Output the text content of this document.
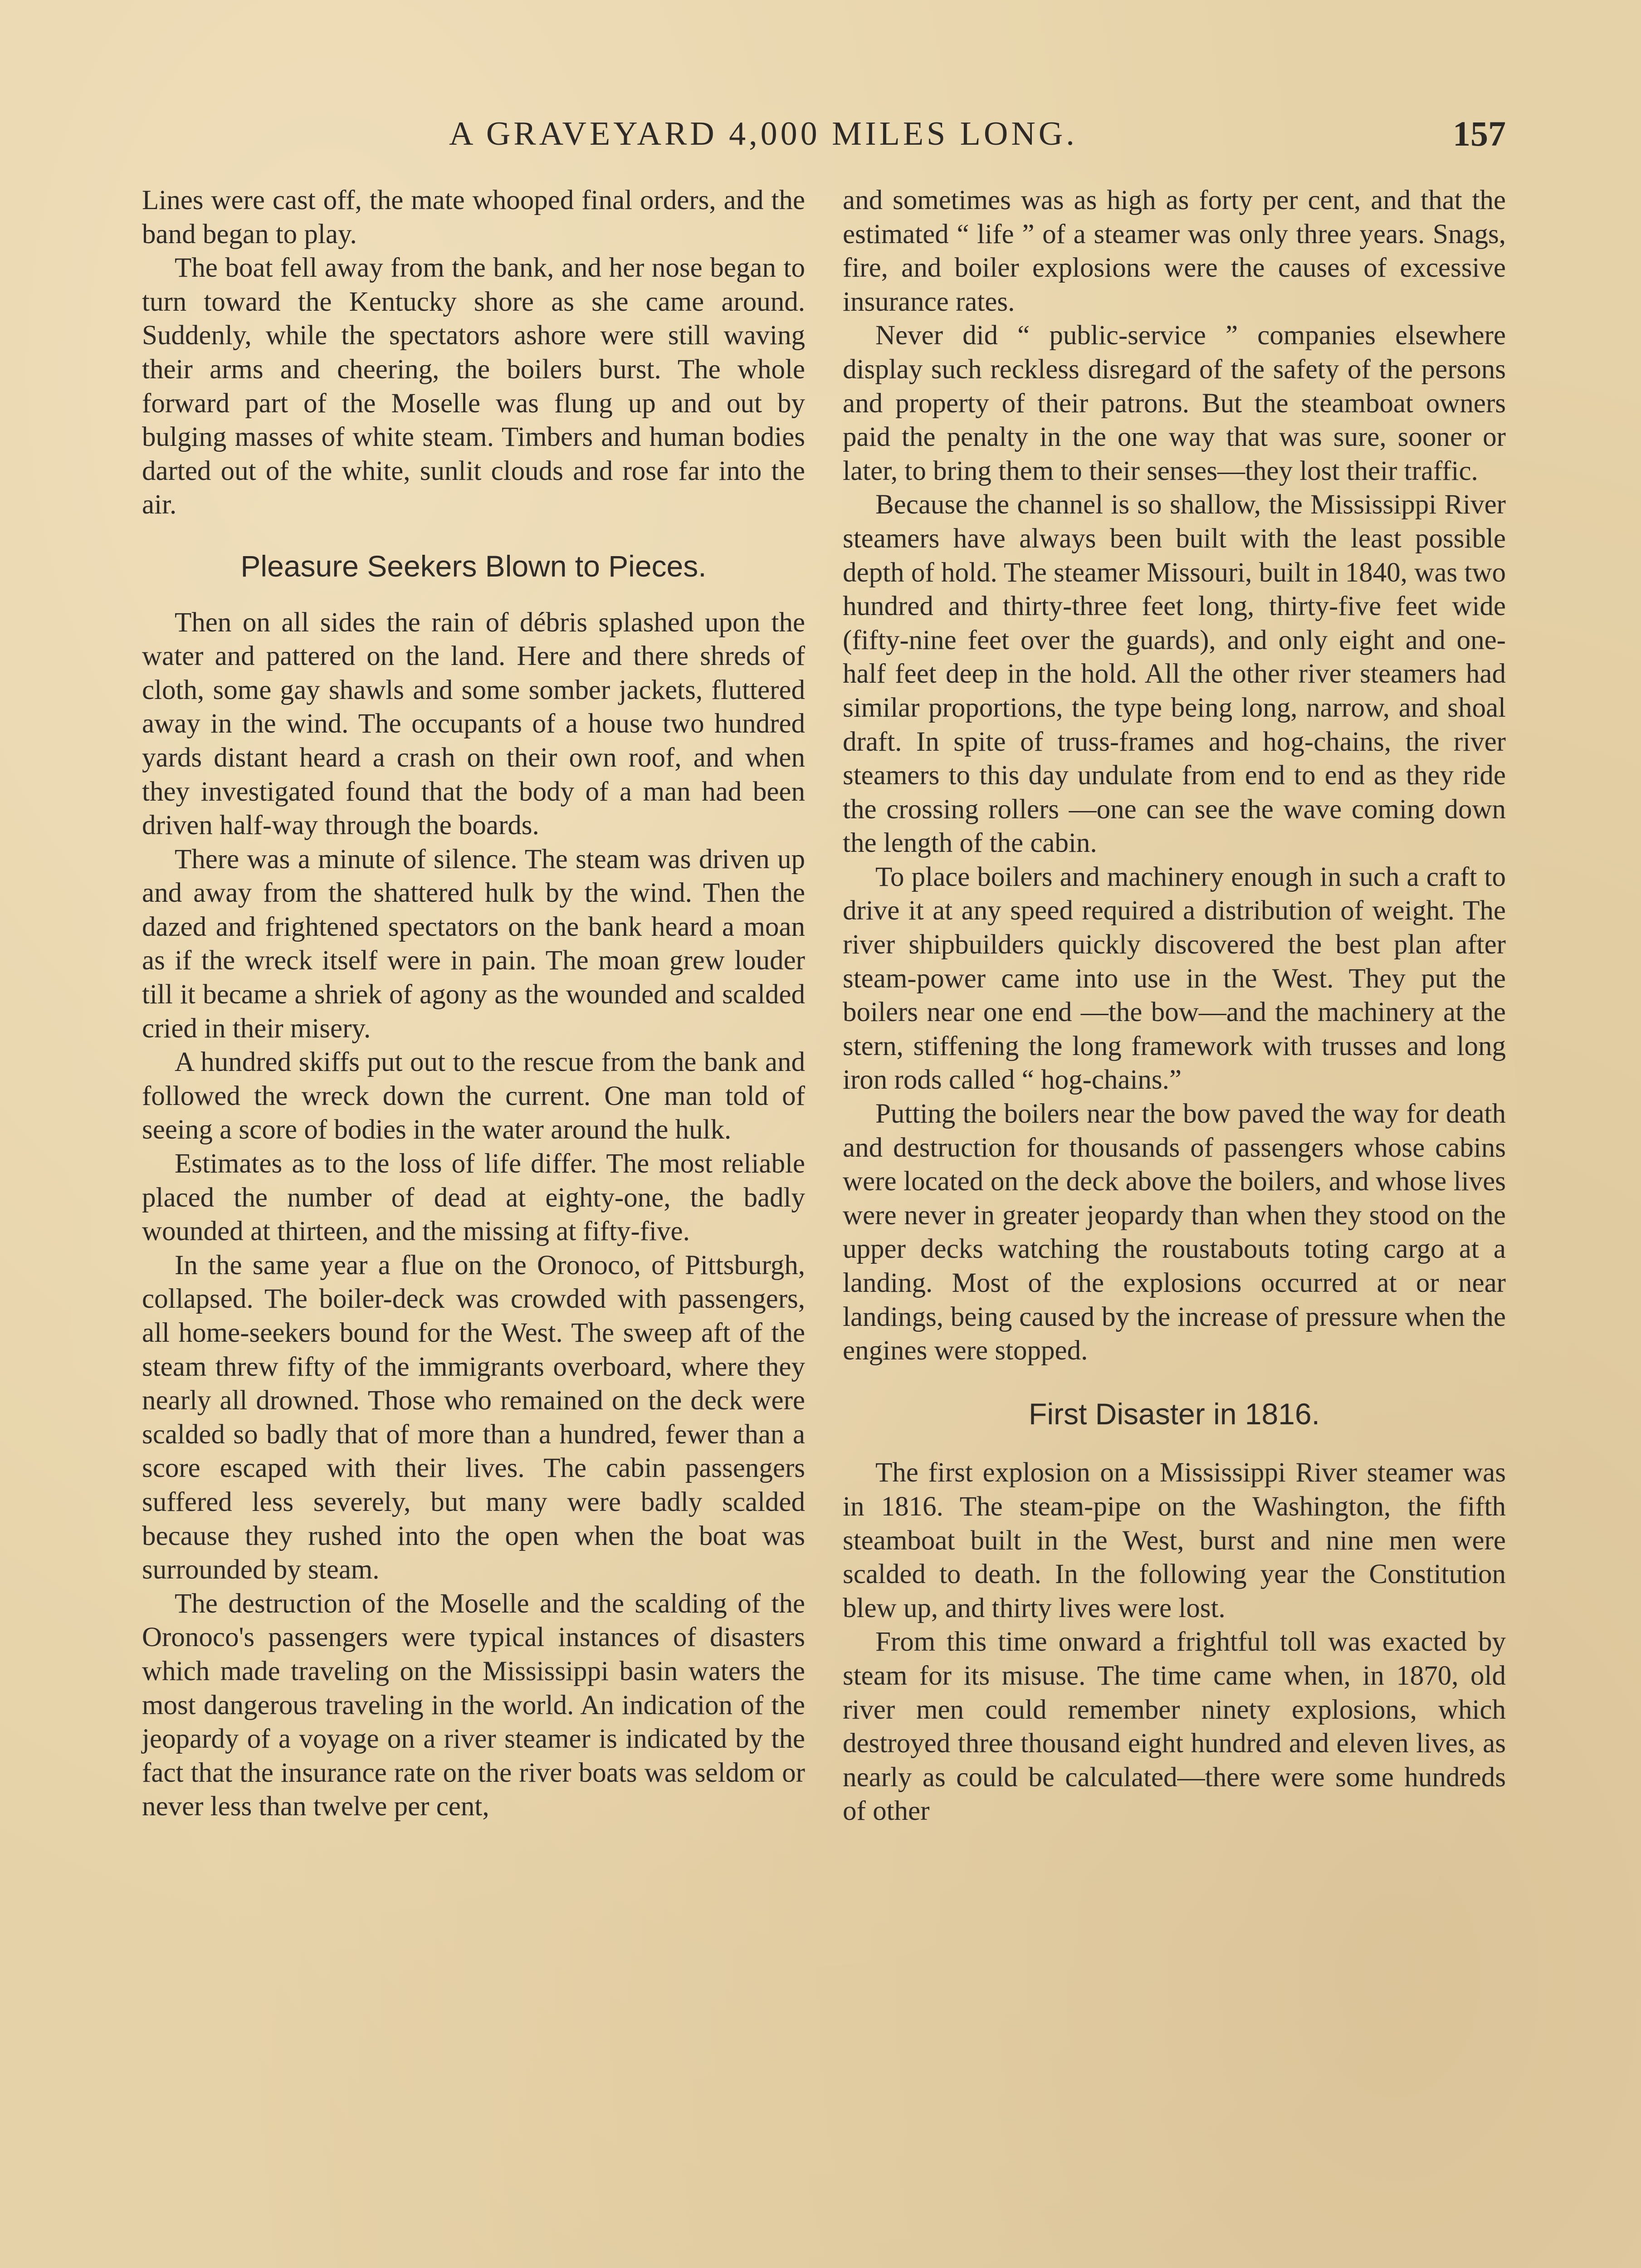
A GRAVEYARD 4,000 MILES LONG.	157

Lines were cast off, the mate whooped final orders, and the band began to play.

The boat fell away from the bank, and her nose began to turn toward the Kentucky shore as she came around. Suddenly, while the spectators ashore were still waving their arms and cheering, the boilers burst. The whole forward part of the Moselle was flung up and out by bulging masses of white steam. Timbers and human bodies darted out of the white, sunlit clouds and rose far into the air.

Pleasure Seekers Blown to Pieces.

Then on all sides the rain of débris splashed upon the water and pattered on the land. Here and there shreds of cloth, some gay shawls and some somber jackets, fluttered away in the wind. The occupants of a house two hundred yards distant heard a crash on their own roof, and when they investigated found that the body of a man had been driven half-way through the boards.

There was a minute of silence. The steam was driven up and away from the shattered hulk by the wind. Then the dazed and frightened spectators on the bank heard a moan as if the wreck itself were in pain. The moan grew louder till it became a shriek of agony as the wounded and scalded cried in their misery.

A hundred skiffs put out to the rescue from the bank and followed the wreck down the current. One man told of seeing a score of bodies in the water around the hulk.

Estimates as to the loss of life differ. The most reliable placed the number of dead at eighty-one, the badly wounded at thirteen, and the missing at fifty-five.

In the same year a flue on the Oronoco, of Pittsburgh, collapsed. The boiler-deck was crowded with passengers, all home-seekers bound for the West. The sweep aft of the steam threw fifty of the immigrants overboard, where they nearly all drowned. Those who remained on the deck were scalded so badly that of more than a hundred, fewer than a score escaped with their lives. The cabin passengers suffered less severely, but many were badly scalded because they rushed into the open when the boat was surrounded by steam.

The destruction of the Moselle and the scalding of the Oronoco's passengers were typical instances of disasters which made traveling on the Mississippi basin waters the most dangerous traveling in the world. An indication of the jeopardy of a voyage on a river steamer is indicated by the fact that the insurance rate on the river boats was seldom or never less than twelve per cent,

and sometimes was as high as forty per cent, and that the estimated “ life ” of a steamer was only three years. Snags, fire, and boiler explosions were the causes of excessive insurance rates.

Never did “ public-service ” companies elsewhere display such reckless disregard of the safety of the persons and property of their patrons. But the steamboat owners paid the penalty in the one way that was sure, sooner or later, to bring them to their senses—they lost their traffic.

Because the channel is so shallow, the Mississippi River steamers have always been built with the least possible depth of hold. The steamer Missouri, built in 1840, was two hundred and thirty-three feet long, thirty-five feet wide (fifty-nine feet over the guards), and only eight and one-half feet deep in the hold. All the other river steamers had similar proportions, the type being long, narrow, and shoal draft. In spite of truss-frames and hog-chains, the river steamers to this day undulate from end to end as they ride the crossing rollers —one can see the wave coming down the length of the cabin.

To place boilers and machinery enough in such a craft to drive it at any speed required a distribution of weight. The river shipbuilders quickly discovered the best plan after steam-power came into use in the West. They put the boilers near one end —the bow—and the machinery at the stern, stiffening the long framework with trusses and long iron rods called “ hog-chains.”

Putting the boilers near the bow paved the way for death and destruction for thousands of passengers whose cabins were located on the deck above the boilers, and whose lives were never in greater jeopardy than when they stood on the upper decks watching the roustabouts toting cargo at a landing. Most of the explosions occurred at or near landings, being caused by the increase of pressure when the engines were stopped.

First Disaster in 1816.

The first explosion on a Mississippi River steamer was in 1816. The steam-pipe on the Washington, the fifth steamboat built in the West, burst and nine men were scalded to death. In the following year the Constitution blew up, and thirty lives were lost.

From this time onward a frightful toll was exacted by steam for its misuse. The time came when, in 1870, old river men could remember ninety explosions, which destroyed three thousand eight hundred and eleven lives, as nearly as could be calculated—there were some hundreds of other
